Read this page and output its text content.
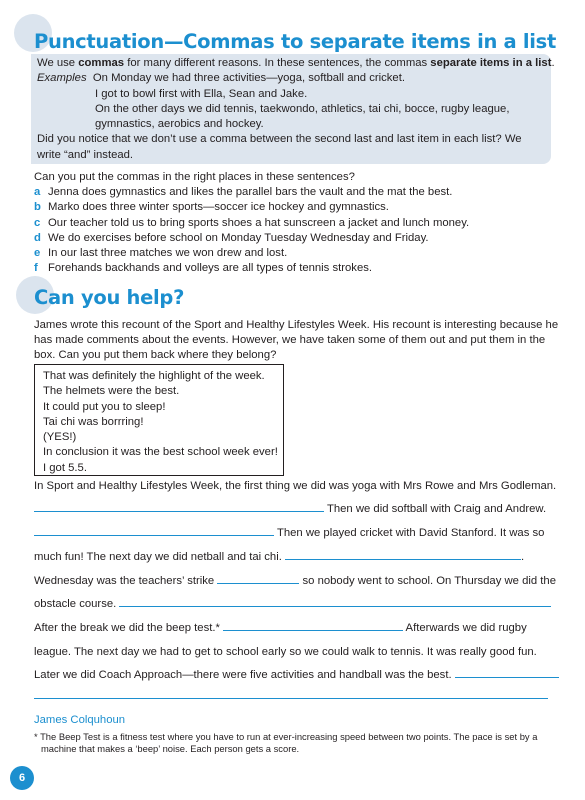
Punctuation—Commas to separate items in a list

We use commas for many different reasons. In these sentences, the commas separate items in a list.

Examples On Monday we had three activities—yoga, softball and cricket.

I got to bowl first with Ella, Sean and Jake.

On the other days we did tennis, taekwondo, athletics, tai chi, bocce, rugby league,

gymnastics, aerobics and hockey.

Did you notice that we don’t use a comma between the second last and last item in each list? We

write “and” instead.

Can you put the commas in the right places in these sentences?

a Jenna does gymnastics and likes the parallel bars the vault and the mat the best.
b Marko does three winter sports—soccer ice hockey and gymnastics.
c Our teacher told us to bring sports shoes a hat sunscreen a jacket and lunch money.
d We do exercises before school on Monday Tuesday Wednesday and Friday.
e In our last three matches we won drew and lost.
f Forehands backhands and volleys are all types of tennis strokes.
Can you help?

James wrote this recount of the Sport and Healthy Lifestyles Week. His recount is interesting because he

has made comments about the events. However, we have taken some of them out and put them in the

box. Can you put them back where they belong?

That was definitely the highlight of the week.
The helmets were the best.
It could put you to sleep!
Tai chi was borrring!
(YES!)
In conclusion it was the best school week ever!
I got 5.5.
In Sport and Healthy Lifestyles Week, the first thing we did was yoga with Mrs Rowe and Mrs Godleman.
Then we did softball with Craig and Andrew.
Then we played cricket with David Stanford. It was so
much fun! The next day we did netball and tai chi.	.
Wednesday was the teachers’ strike	so nobody went to school. On Thursday we did the
obstacle course.
After the break we did the beep test.*	Afterwards we did rugby
league. The next day we had to get to school early so we could walk to tennis. It was really good fun.
Later we did Coach Approach—there were five activities and handball was the best.

James Colquhoun

* The Beep Test is a fitness test where you have to run at ever-increasing speed between two points. The pace is set by a

machine that makes a ‘beep’ noise. Each person gets a score.

6
